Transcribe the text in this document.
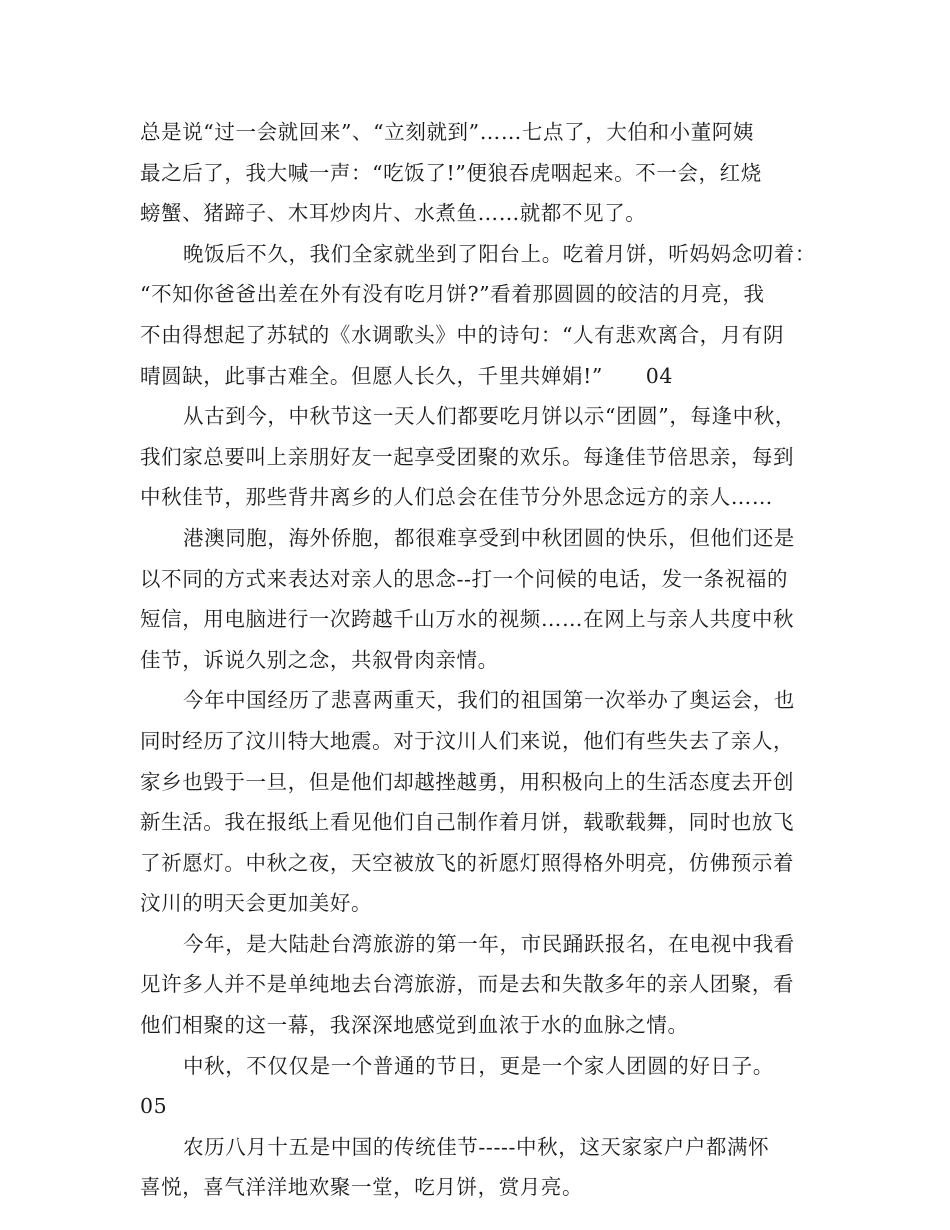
总是说“过一会就回来”、“立刻就到”……七点了，大伯和小董阿姨
最之后了，我大喊一声：“吃饭了!”便狼吞虎咽起来。不一会，红烧
螃蟹、猪蹄子、木耳炒肉片、水煮鱼……就都不见了。
晚饭后不久，我们全家就坐到了阳台上。吃着月饼，听妈妈念叨着：
“不知你爸爸出差在外有没有吃月饼?”看着那圆圆的皎洁的月亮，我
不由得想起了苏轼的《水调歌头》中的诗句：“人有悲欢离合，月有阴
晴圆缺，此事古难全。但愿人长久，千里共婵娟!”      04
从古到今，中秋节这一天人们都要吃月饼以示“团圆”，每逢中秋，
我们家总要叫上亲朋好友一起享受团聚的欢乐。每逢佳节倍思亲，每到
中秋佳节，那些背井离乡的人们总会在佳节分外思念远方的亲人……
港澳同胞，海外侨胞，都很难享受到中秋团圆的快乐，但他们还是
以不同的方式来表达对亲人的思念--打一个问候的电话，发一条祝福的
短信，用电脑进行一次跨越千山万水的视频……在网上与亲人共度中秋
佳节，诉说久别之念，共叙骨肉亲情。
今年中国经历了悲喜两重天，我们的祖国第一次举办了奥运会，也
同时经历了汶川特大地震。对于汶川人们来说，他们有些失去了亲人，
家乡也毁于一旦，但是他们却越挫越勇，用积极向上的生活态度去开创
新生活。我在报纸上看见他们自己制作着月饼，载歌载舞，同时也放飞
了祈愿灯。中秋之夜，天空被放飞的祈愿灯照得格外明亮，仿佛预示着
汶川的明天会更加美好。
今年，是大陆赴台湾旅游的第一年，市民踊跃报名，在电视中我看
见许多人并不是单纯地去台湾旅游，而是去和失散多年的亲人团聚，看
他们相聚的这一幕，我深深地感觉到血浓于水的血脉之情。
中秋，不仅仅是一个普通的节日，更是一个家人团圆的好日子。
05
农历八月十五是中国的传统佳节-----中秋，这天家家户户都满怀
喜悦，喜气洋洋地欢聚一堂，吃月饼，赏月亮。
